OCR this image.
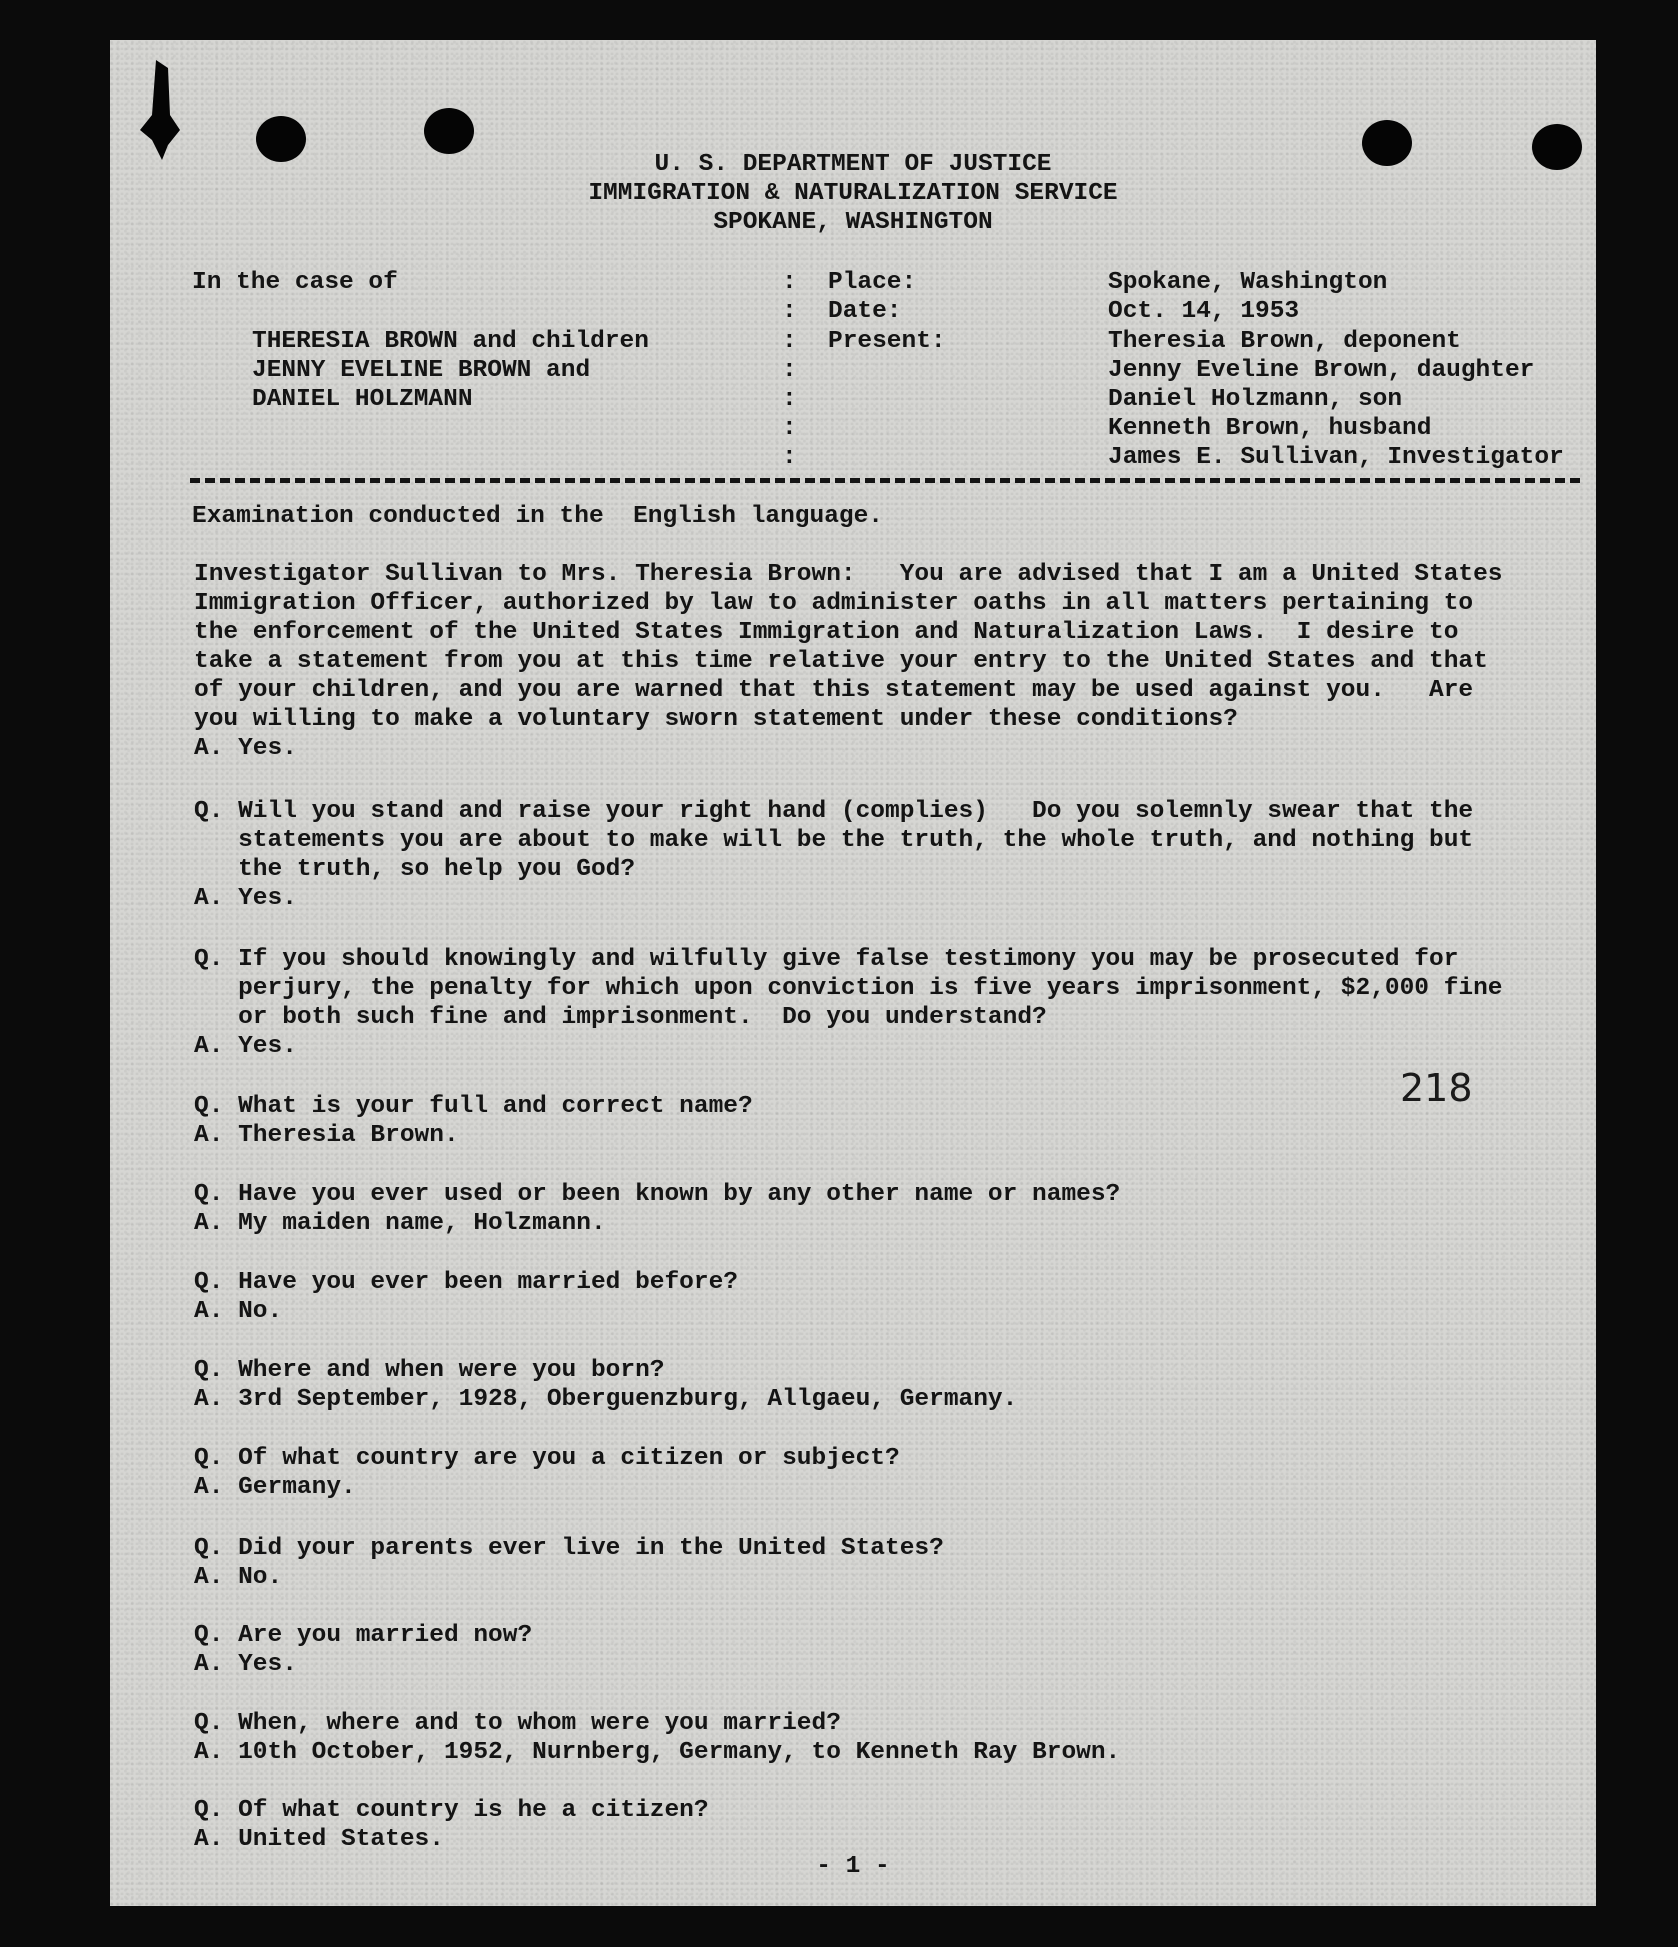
U. S. DEPARTMENT OF JUSTICE
IMMIGRATION & NATURALIZATION SERVICE
SPOKANE, WASHINGTON
In the case of
THERESIA BROWN and children
JENNY EVELINE BROWN and
DANIEL HOLZMANN
:
:
:
:
:
:
:
Place:
Date:
Present:
Spokane, Washington
Oct. 14, 1953
Theresia Brown, deponent
Jenny Eveline Brown, daughter
Daniel Holzmann, son
Kenneth Brown, husband
James E. Sullivan, Investigator
Examination conducted in the  English language.
Investigator Sullivan to Mrs. Theresia Brown:   You are advised that I am a United States
Immigration Officer, authorized by law to administer oaths in all matters pertaining to
the enforcement of the United States Immigration and Naturalization Laws.  I desire to
take a statement from you at this time relative your entry to the United States and that
of your children, and you are warned that this statement may be used against you.   Are
you willing to make a voluntary sworn statement under these conditions?
A. Yes.
Q. Will you stand and raise your right hand (complies)   Do you solemnly swear that the
statements you are about to make will be the truth, the whole truth, and nothing but
the truth, so help you God?
A. Yes.
Q. If you should knowingly and wilfully give false testimony you may be prosecuted for
perjury, the penalty for which upon conviction is five years imprisonment, $2,000 fine
or both such fine and imprisonment.  Do you understand?
A. Yes.
Q. What is your full and correct name?
A. Theresia Brown.
218
Q. Have you ever used or been known by any other name or names?
A. My maiden name, Holzmann.
Q. Have you ever been married before?
A. No.
Q. Where and when were you born?
A. 3rd September, 1928, Oberguenzburg, Allgaeu, Germany.
Q. Of what country are you a citizen or subject?
A. Germany.
Q. Did your parents ever live in the United States?
A. No.
Q. Are you married now?
A. Yes.
Q. When, where and to whom were you married?
A. 10th October, 1952, Nurnberg, Germany, to Kenneth Ray Brown.
Q. Of what country is he a citizen?
A. United States.
- 1 -
